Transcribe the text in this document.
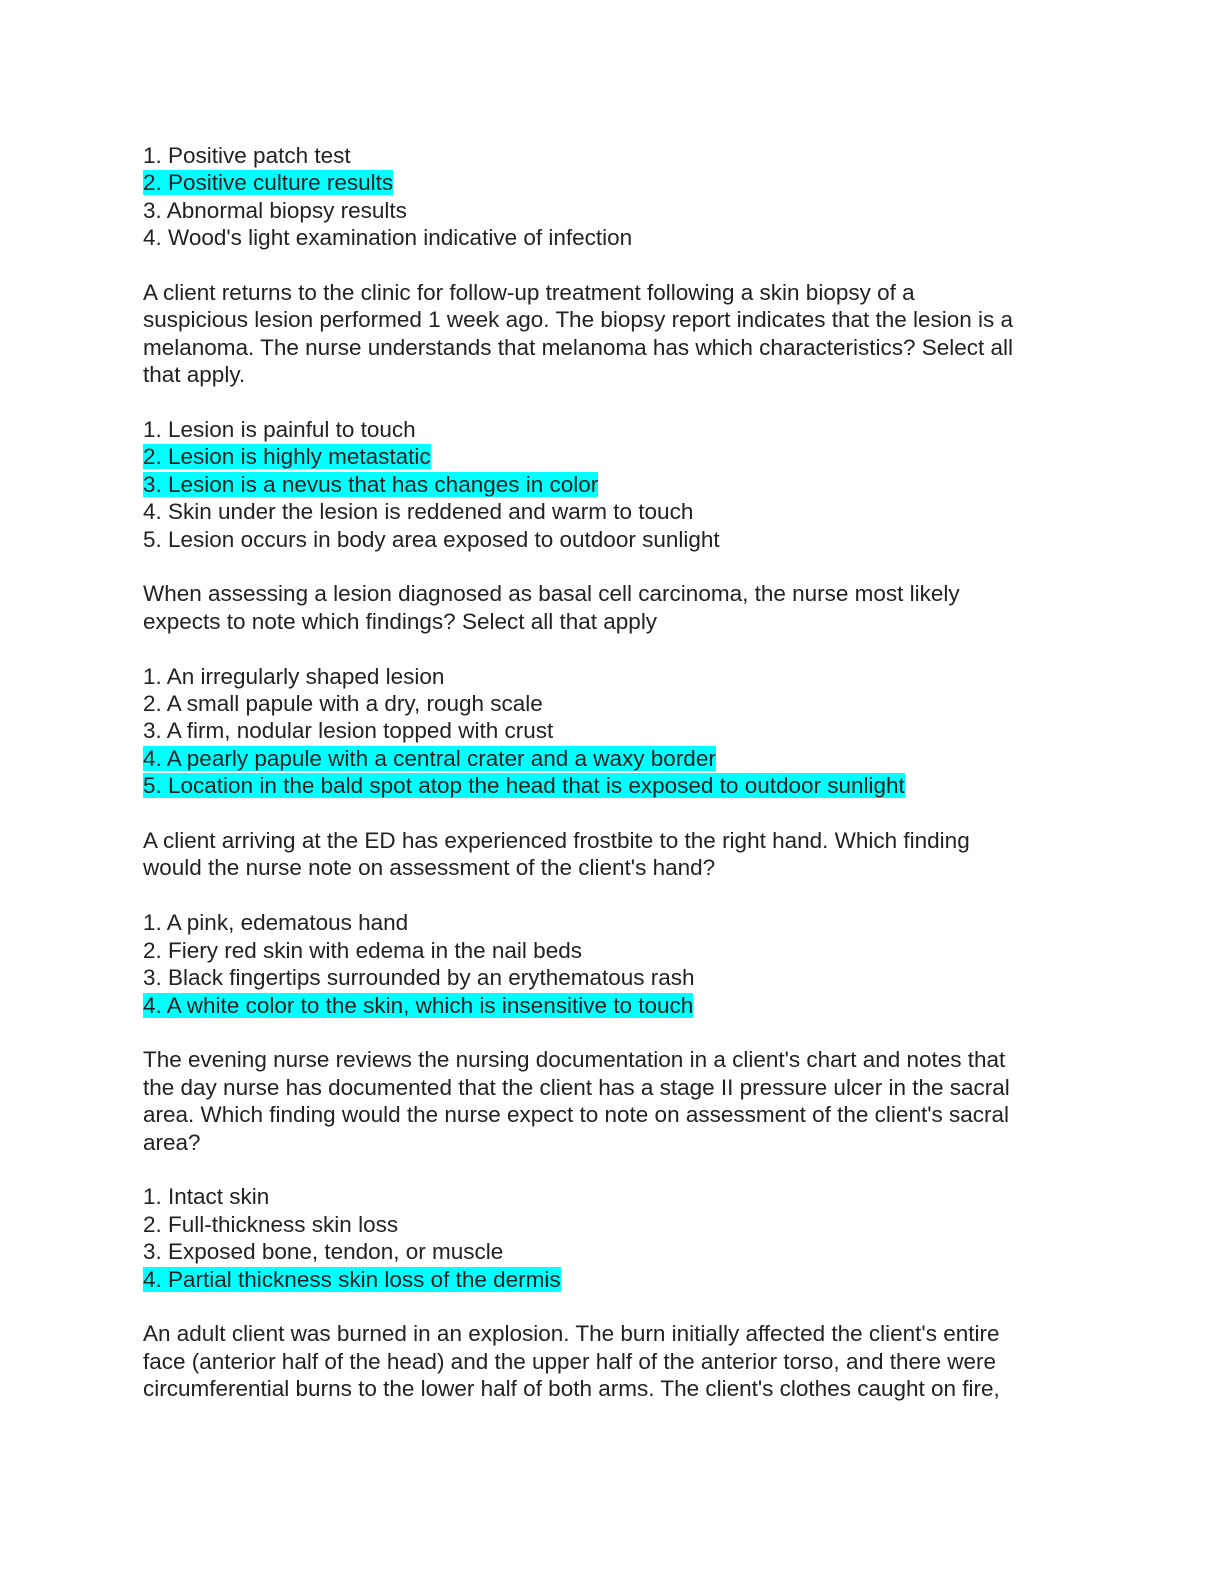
1. Positive patch test
2. Positive culture results
3. Abnormal biopsy results
4. Wood's light examination indicative of infection
A client returns to the clinic for follow-up treatment following a skin biopsy of a
suspicious lesion performed 1 week ago. The biopsy report indicates that the lesion is a
melanoma. The nurse understands that melanoma has which characteristics? Select all
that apply.
1. Lesion is painful to touch
2. Lesion is highly metastatic
3. Lesion is a nevus that has changes in color
4. Skin under the lesion is reddened and warm to touch
5. Lesion occurs in body area exposed to outdoor sunlight
When assessing a lesion diagnosed as basal cell carcinoma, the nurse most likely
expects to note which findings? Select all that apply
1. An irregularly shaped lesion
2. A small papule with a dry, rough scale
3. A firm, nodular lesion topped with crust
4. A pearly papule with a central crater and a waxy border
5. Location in the bald spot atop the head that is exposed to outdoor sunlight
A client arriving at the ED has experienced frostbite to the right hand. Which finding
would the nurse note on assessment of the client's hand?
1. A pink, edematous hand
2. Fiery red skin with edema in the nail beds
3. Black fingertips surrounded by an erythematous rash
4. A white color to the skin, which is insensitive to touch
The evening nurse reviews the nursing documentation in a client's chart and notes that
the day nurse has documented that the client has a stage II pressure ulcer in the sacral
area. Which finding would the nurse expect to note on assessment of the client's sacral
area?
1. Intact skin
2. Full-thickness skin loss
3. Exposed bone, tendon, or muscle
4. Partial thickness skin loss of the dermis
An adult client was burned in an explosion. The burn initially affected the client's entire
face (anterior half of the head) and the upper half of the anterior torso, and there were
circumferential burns to the lower half of both arms. The client's clothes caught on fire,
